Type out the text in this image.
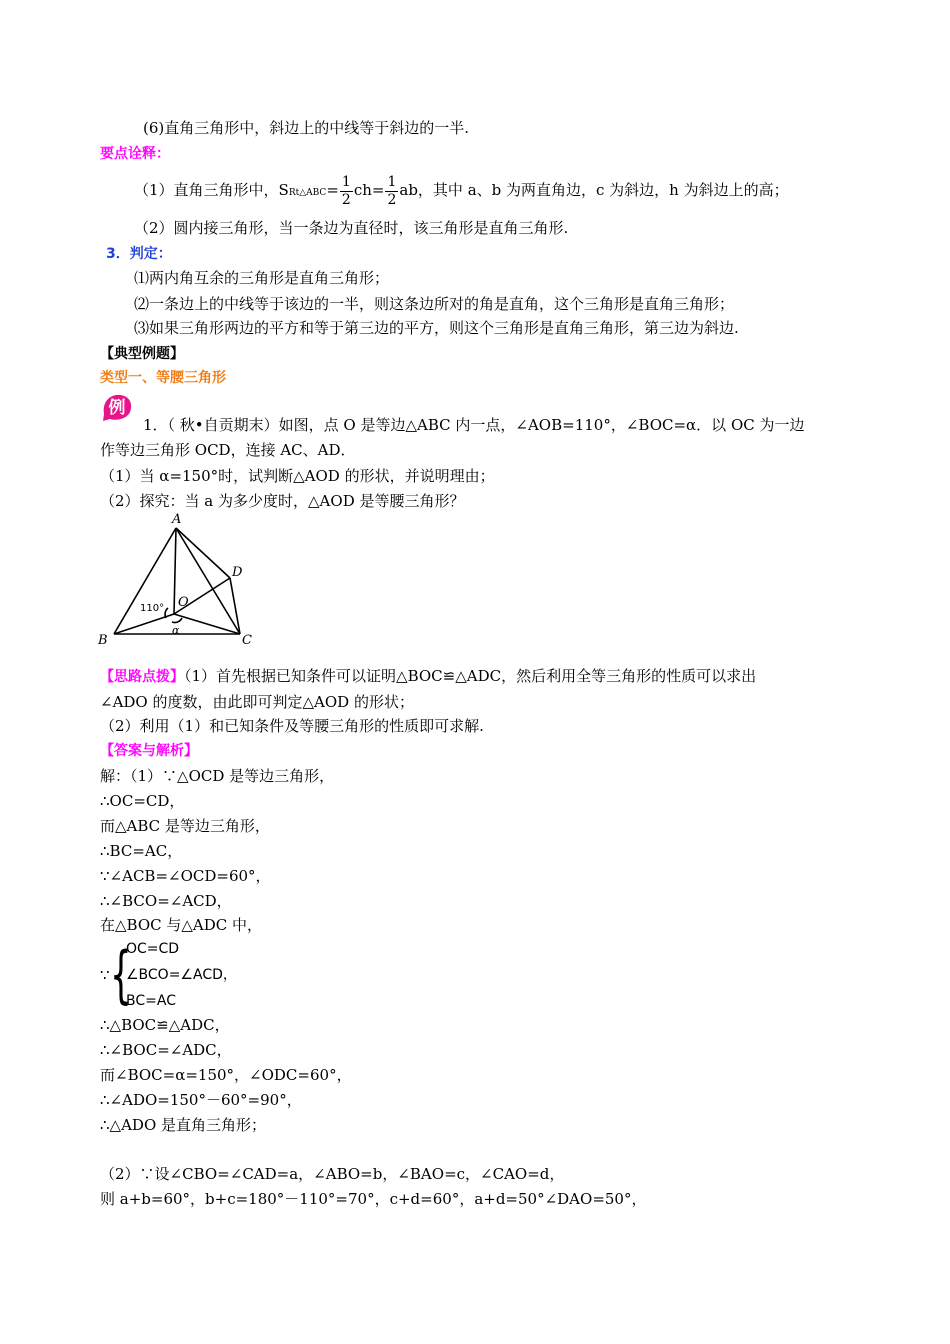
(6)直角三角形中，斜边上的中线等于斜边的一半.
要点诠释：
（1）直角三角形中，SRt△ABC= $\frac{1}{2} ch= \frac{1}{2}$ ab，其中 a、b 为两直角边，c 为斜边，h 为斜边上的高；
（2）圆内接三角形，当一条边为直径时，该三角形是直角三角形.
3．判定：
⑴两内角互余的三角形是直角三角形；
⑵一条边上的中线等于该边的一半，则这条边所对的角是直角，这个三角形是直角三角形；
⑶如果三角形两边的平方和等于第三边的平方，则这个三角形是直角三角形，第三边为斜边.
【典型例题】
类型一、等腰三角形
例
1．（ 秋•自贡期末）如图，点 O 是等边△ABC 内一点，∠AOB=110°，∠BOC=α．以 OC 为一边
作等边三角形 OCD，连接 AC、AD．
（1）当 α=150°时，试判断△AOD 的形状，并说明理由；
（2）探究：当 a 为多少度时，△AOD 是等腰三角形？
A
B	C
D
O
α
110°
【思路点拨】（1）首先根据已知条件可以证明△BOC≌△ADC，然后利用全等三角形的性质可以求出
∠ADO 的度数，由此即可判定△AOD 的形状；
（2）利用（1）和已知条件及等腰三角形的性质即可求解.
【答案与解析】
解：（1）∵△OCD 是等边三角形，
∴OC=CD，
而△ABC 是等边三角形，
∴BC=AC，
∵∠ACB=∠OCD=60°，
∴∠BCO=∠ACD，
在△BOC 与△ADC 中，
∵ {
OC=CD
∠BCO=∠ACD，
BC=AC
∴△BOC≌△ADC，
∴∠BOC=∠ADC，
而∠BOC=α=150°，∠ODC=60°，
∴∠ADO=150°－60°=90°，
∴△ADO 是直角三角形；
（2）∵设∠CBO=∠CAD=a，∠ABO=b，∠BAO=c，∠CAO=d，
则 a+b=60°，b+c=180°－110°=70°，c+d=60°，a+d=50°∠DAO=50°，
